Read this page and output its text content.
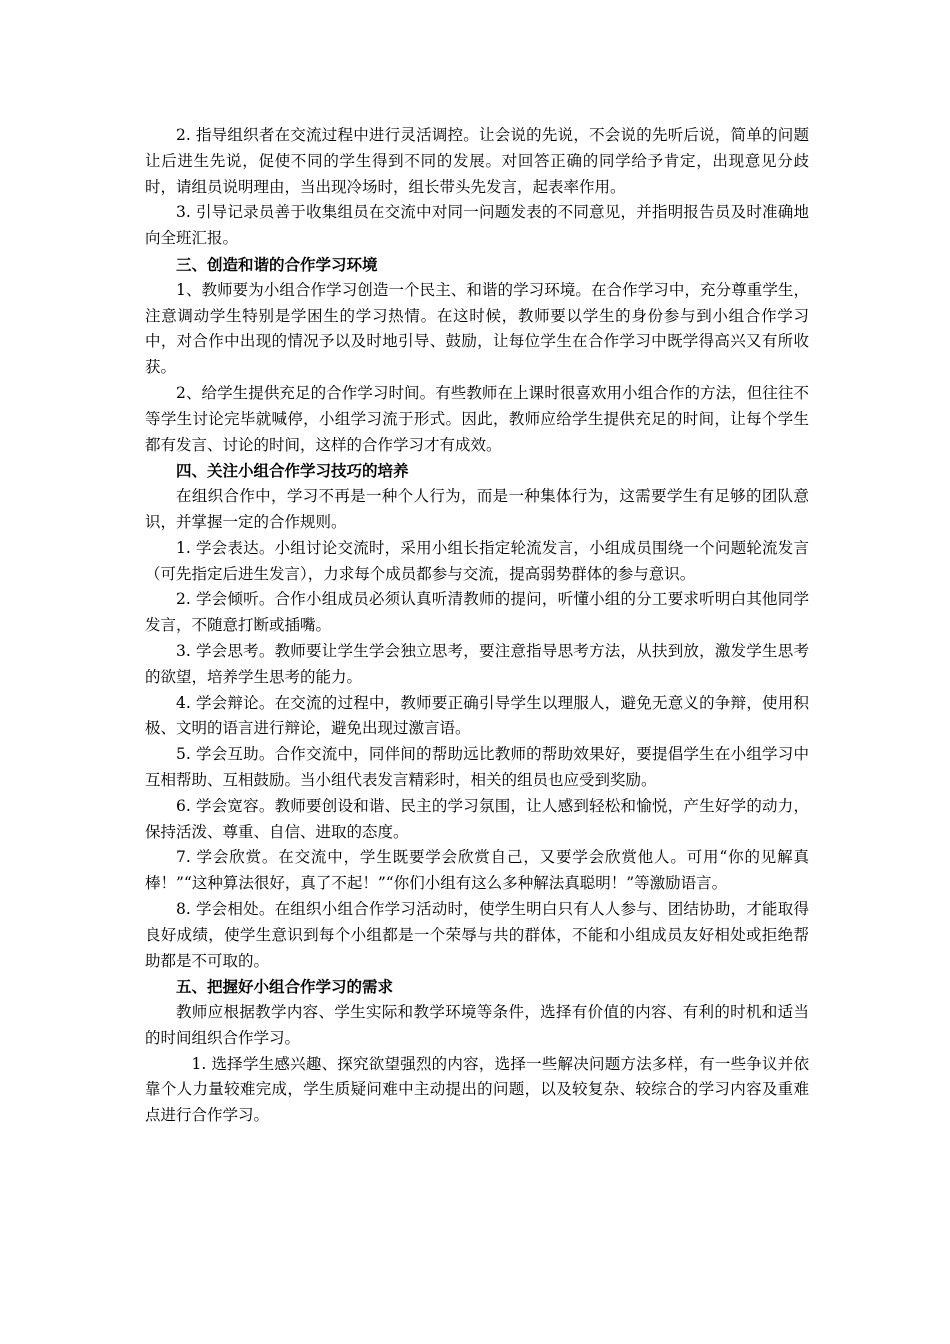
2. 指导组织者在交流过程中进行灵活调控。让会说的先说，不会说的先听后说，简单的问题让后进生先说，促使不同的学生得到不同的发展。对回答正确的同学给予肯定，出现意见分歧时，请组员说明理由，当出现冷场时，组长带头先发言，起表率作用。

3. 引导记录员善于收集组员在交流中对同一问题发表的不同意见，并指明报告员及时准确地向全班汇报。

三、创造和谐的合作学习环境

1、教师要为小组合作学习创造一个民主、和谐的学习环境。在合作学习中，充分尊重学生，注意调动学生特别是学困生的学习热情。在这时候，教师要以学生的身份参与到小组合作学习中，对合作中出现的情况予以及时地引导、鼓励，让每位学生在合作学习中既学得高兴又有所收获。

2、给学生提供充足的合作学习时间。有些教师在上课时很喜欢用小组合作的方法，但往往不等学生讨论完毕就喊停，小组学习流于形式。因此，教师应给学生提供充足的时间，让每个学生都有发言、讨论的时间，这样的合作学习才有成效。

四、关注小组合作学习技巧的培养

在组织合作中，学习不再是一种个人行为，而是一种集体行为，这需要学生有足够的团队意识，并掌握一定的合作规则。

1. 学会表达。小组讨论交流时，采用小组长指定轮流发言，小组成员围绕一个问题轮流发言（可先指定后进生发言），力求每个成员都参与交流，提高弱势群体的参与意识。

2. 学会倾听。合作小组成员必须认真听清教师的提问，听懂小组的分工要求听明白其他同学发言，不随意打断或插嘴。

3. 学会思考。教师要让学生学会独立思考，要注意指导思考方法，从扶到放，激发学生思考的欲望，培养学生思考的能力。

4. 学会辩论。在交流的过程中，教师要正确引导学生以理服人，避免无意义的争辩，使用积极、文明的语言进行辩论，避免出现过激言语。

5. 学会互助。合作交流中，同伴间的帮助远比教师的帮助效果好，要提倡学生在小组学习中互相帮助、互相鼓励。当小组代表发言精彩时，相关的组员也应受到奖励。

6. 学会宽容。教师要创设和谐、民主的学习氛围，让人感到轻松和愉悦，产生好学的动力，保持活泼、尊重、自信、进取的态度。

7. 学会欣赏。在交流中，学生既要学会欣赏自己，又要学会欣赏他人。可用“你的见解真棒！”“这种算法很好，真了不起！”“你们小组有这么多种解法真聪明！”等激励语言。

8. 学会相处。在组织小组合作学习活动时，使学生明白只有人人参与、团结协助，才能取得良好成绩，使学生意识到每个小组都是一个荣辱与共的群体，不能和小组成员友好相处或拒绝帮助都是不可取的。

五、把握好小组合作学习的需求

教师应根据教学内容、学生实际和教学环境等条件，选择有价值的内容、有利的时机和适当的时间组织合作学习。

1. 选择学生感兴趣、探究欲望强烈的内容，选择一些解决问题方法多样，有一些争议并依靠个人力量较难完成，学生质疑问难中主动提出的问题，以及较复杂、较综合的学习内容及重难点进行合作学习。
